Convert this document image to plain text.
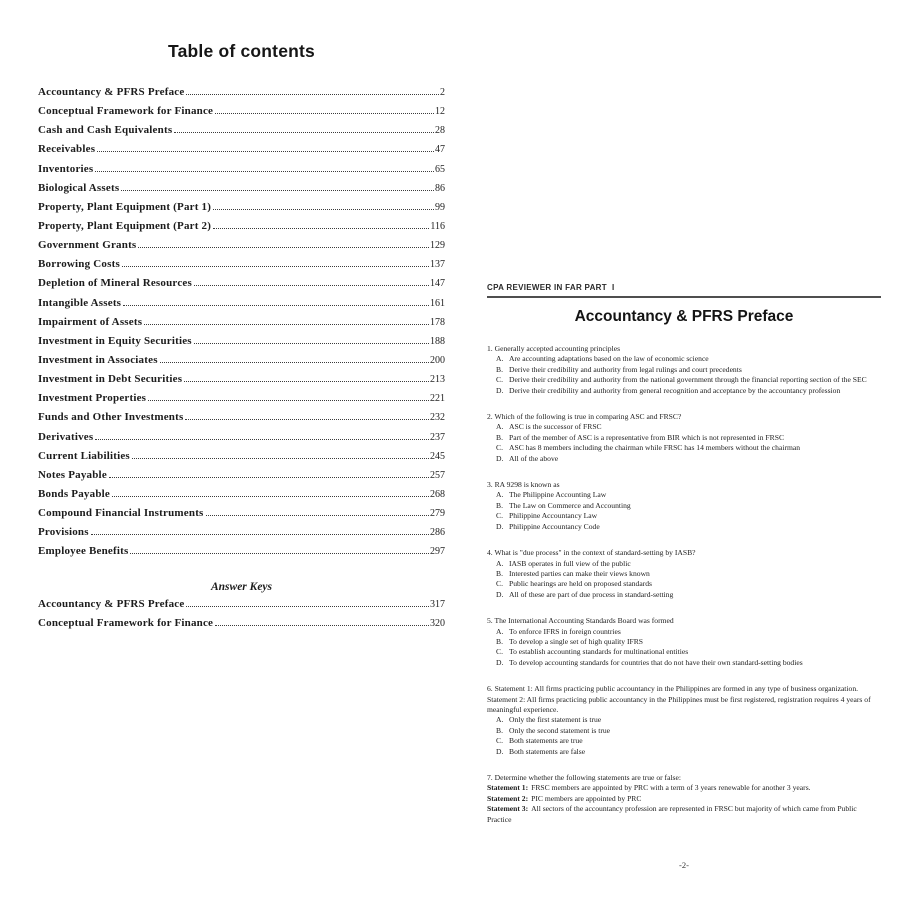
Table of contents
Accountancy & PFRS Preface	2
Conceptual Framework for Finance	12
Cash and Cash Equivalents	28
Receivables	47
Inventories	65
Biological Assets	86
Property, Plant Equipment (Part 1)	99
Property, Plant Equipment (Part 2)	116
Government Grants	129
Borrowing Costs	137
Depletion of Mineral Resources	147
Intangible Assets	161
Impairment of Assets	178
Investment in Equity Securities	188
Investment in Associates	200
Investment in Debt Securities	213
Investment Properties	221
Funds and Other Investments	232
Derivatives	237
Current Liabilities	245
Notes Payable	257
Bonds Payable	268
Compound Financial Instruments	279
Provisions	286
Employee Benefits	297
Answer Keys
Accountancy & PFRS Preface	317
Conceptual Framework for Finance	320
CPA REVIEWER IN FAR PART  I
Accountancy & PFRS Preface
1. Generally accepted accounting principles
A. Are accounting adaptations based on the law of economic science
B. Derive their credibility and authority from legal rulings and court precedents
C. Derive their credibility and authority from the national government through the financial reporting section of the SEC
D. Derive their credibility and authority from general recognition and acceptance by the accountancy profession
2. Which of the following is true in comparing ASC and FRSC?
A. ASC is the successor of FRSC
B. Part of the member of ASC is a representative from BIR which is not represented in FRSC
C. ASC has 8 members including the chairman while FRSC has 14 members without the chairman
D. All of the above
3. RA 9298 is known as
A. The Philippine Accounting Law
B. The Law on Commerce and Accounting
C. Philippine Accountancy Law
D. Philippine Accountancy Code
4. What is "due process" in the context of standard-setting by IASB?
A. IASB operates in full view of the public
B. Interested parties can make their views known
C. Public hearings are held on proposed standards
D. All of these are part of due process in standard-setting
5. The International Accounting Standards Board was formed
A. To enforce IFRS in foreign countries
B. To develop a single set of high quality IFRS
C. To establish accounting standards for multinational entities
D. To develop accounting standards for countries that do not have their own standard-setting bodies
6. Statement 1: All firms practicing public accountancy in the Philippines are formed in any type of business organization.
Statement 2: All firms practicing public accountancy in the Philippines must be first registered, registration requires 4 years of meaningful experience.
A. Only the first statement is true
B. Only the second statement is true
C. Both statements are true
D. Both statements are false
7. Determine whether the following statements are true or false:
Statement 1: FRSC members are appointed by PRC with a term of 3 years renewable for another 3 years.
Statement 2: PIC members are appointed by PRC
Statement 3: All sectors of the accountancy profession are represented in FRSC but majority of which came from Public Practice
-2-
